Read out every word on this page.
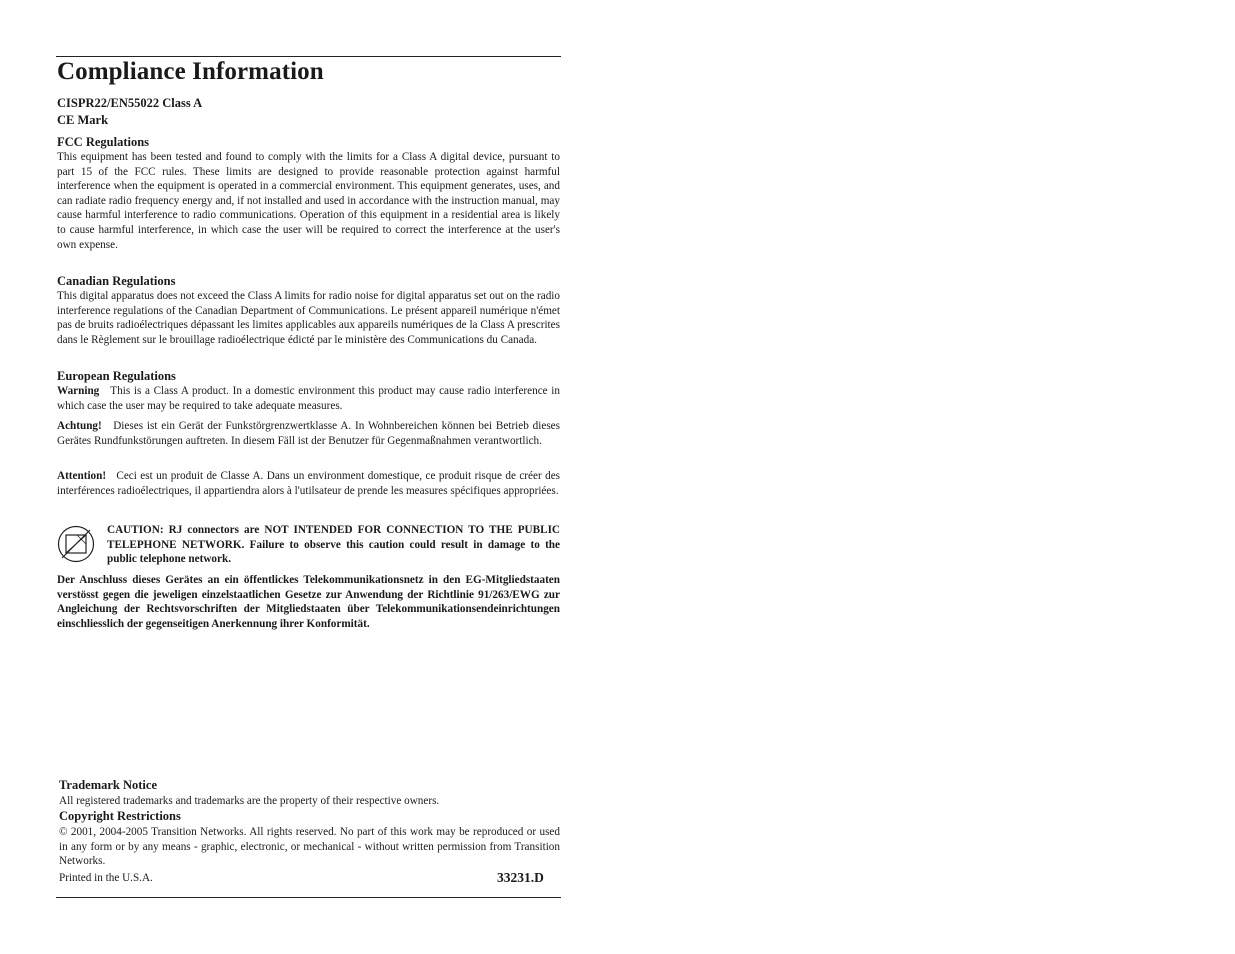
Compliance Information

CISPR22/EN55022 Class A

CE Mark

FCC Regulations

This equipment has been tested and found to comply with the limits for a Class A digital device, pursuant to part 15 of the FCC rules. These limits are designed to provide reasonable protection against harmful interference when the equipment is operated in a commercial environment. This equipment generates, uses, and can radiate radio frequency energy and, if not installed and used in accordance with the instruction manual, may cause harmful interference to radio communications. Operation of this equipment in a residential area is likely to cause harmful interference, in which case the user will be required to correct the interference at the user's own expense.

Canadian Regulations

This digital apparatus does not exceed the Class A limits for radio noise for digital apparatus set out on the radio interference regulations of the Canadian Department of Communications. Le présent appareil numérique n'émet pas de bruits radioélectriques dépassant les limites applicables aux appareils numériques de la Class A prescrites dans le Règlement sur le brouillage radioélectrique édicté par le ministère des Communications du Canada.

European Regulations

Warning This is a Class A product. In a domestic environment this product may cause radio interference in which case the user may be required to take adequate measures.

Achtung! Dieses ist ein Gerät der Funkstörgrenzwertklasse A. In Wohnbereichen können bei Betrieb dieses Gerätes Rundfunkstörungen auftreten. In diesem Fäll ist der Benutzer für Gegenmaßnahmen verantwortlich.

Attention! Ceci est un produit de Classe A. Dans un environment domestique, ce produit risque de créer des interférences radioélectriques, il appartiendra alors à l'utilsateur de prende les measures spécifiques appropriées.

CAUTION: RJ connectors are NOT INTENDED FOR CONNECTION TO THE PUBLIC TELEPHONE NETWORK. Failure to observe this caution could result in damage to the public telephone network.

Der Anschluss dieses Gerätes an ein öffentlickes Telekommunikationsnetz in den EG-Mitgliedstaaten verstösst gegen die jeweligen einzelstaatlichen Gesetze zur Anwendung der Richtlinie 91/263/EWG zur Angleichung der Rechtsvorschriften der Mitgliedstaaten über Telekommunikationsendeinrichtungen einschliesslich der gegenseitigen Anerkennung ihrer Konformität.

Trademark Notice

All registered trademarks and trademarks are the property of their respective owners.

Copyright Restrictions

© 2001, 2004-2005 Transition Networks. All rights reserved. No part of this work may be reproduced or used in any form or by any means - graphic, electronic, or mechanical - without written permission from Transition Networks.

Printed in the U.S.A.	33231.D
